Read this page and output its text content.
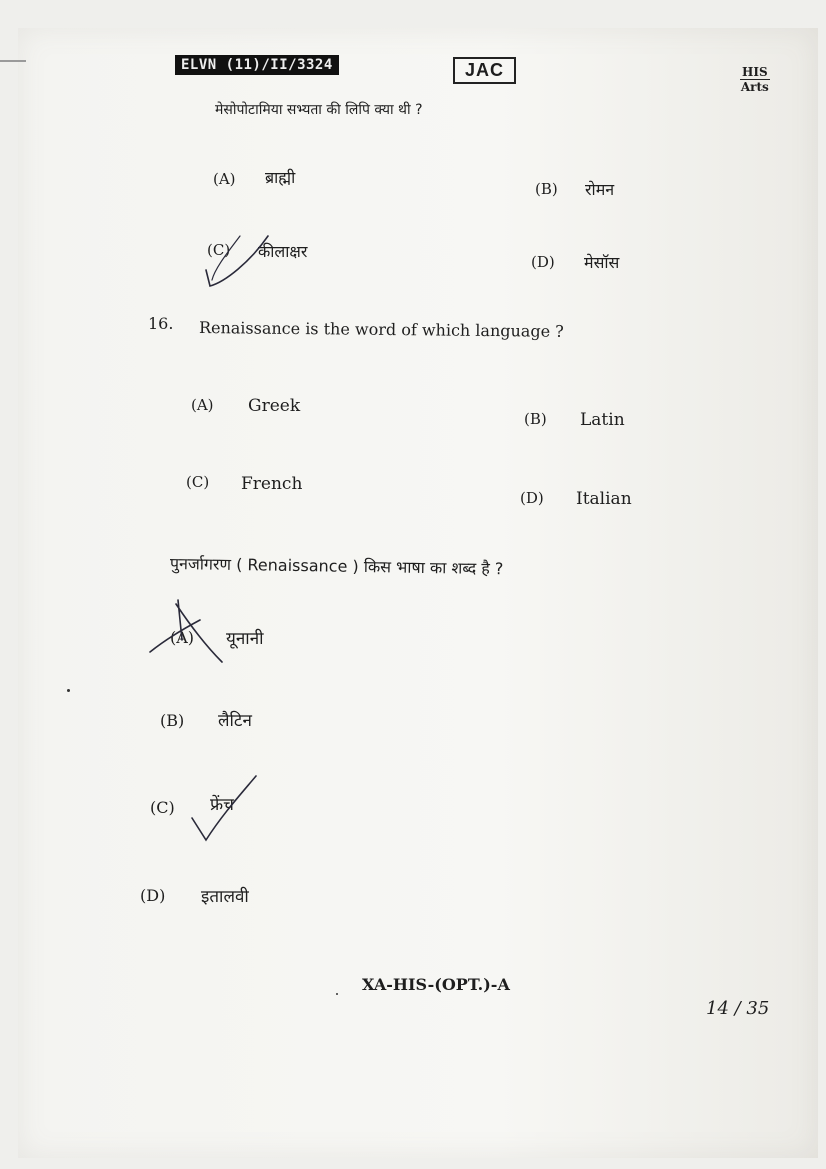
ELVN (11)/II/3324	JAC	HIS
Arts
मेसोपोटामिया सभ्यता की लिपि क्या थी ?
(A) ब्राह्मी
(B) रोमन
(C) कीलाक्षर
(D) मेसॉस
16. Renaissance is the word of which language ?
(A) Greek
(B) Latin
(C) French
(D) Italian
पुनर्जागरण ( Renaissance ) किस भाषा का शब्द है ?
(A) यूनानी
(B) लैटिन
(C) फ्रेंच
(D) इतालवी
XA-HIS-(OPT.)-A
14 / 35
